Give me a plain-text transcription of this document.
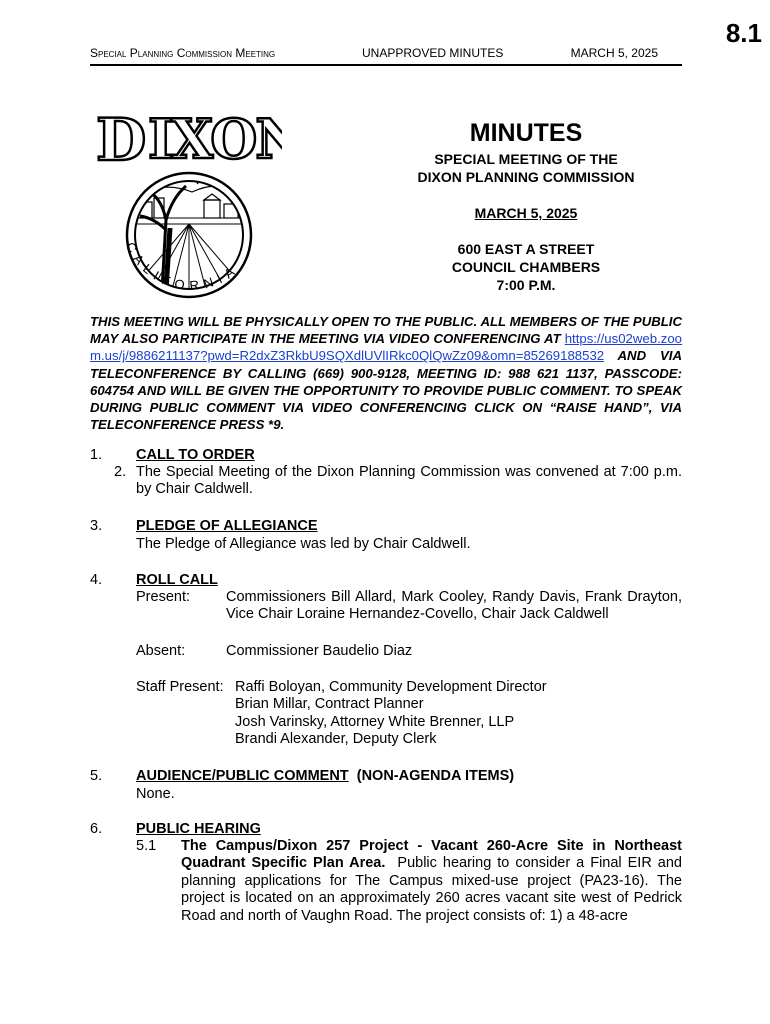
8.1
Special Planning Commission Meeting	UNAPPROVED MINUTES	MARCH 5, 2025
D IXON
CALIFORNIA
MINUTES
SPECIAL MEETING OF THE
DIXON PLANNING COMMISSION
MARCH 5, 2025
600 EAST A STREET
COUNCIL CHAMBERS
7:00 P.M.
THIS MEETING WILL BE PHYSICALLY OPEN TO THE PUBLIC. ALL MEMBERS OF THE PUBLIC MAY ALSO PARTICIPATE IN THE MEETING VIA VIDEO CONFERENCING AT https://us02web.zoom.us/j/9886211137?pwd=R2dxZ3RkbU9SQXdlUVlIRkc0QlQwZz09&omn=85269188532 AND VIA TELECONFERENCE BY CALLING (669) 900-9128, MEETING ID: 988 621 1137, PASSCODE: 604754 AND WILL BE GIVEN THE OPPORTUNITY TO PROVIDE PUBLIC COMMENT. TO SPEAK DURING PUBLIC COMMENT VIA VIDEO CONFERENCING CLICK ON “RAISE HAND”, VIA TELECONFERENCE PRESS *9.
1. CALL TO ORDER
2. The Special Meeting of the Dixon Planning Commission was convened at 7:00 p.m. by Chair Caldwell.
3. PLEDGE OF ALLEGIANCE
The Pledge of Allegiance was led by Chair Caldwell.
4. ROLL CALL
Present: Commissioners Bill Allard, Mark Cooley, Randy Davis, Frank Drayton, Vice Chair Loraine Hernandez-Covello, Chair Jack Caldwell
Absent:	Commissioner Baudelio Diaz
Staff Present: Raffi Boloyan, Community Development Director
Brian Millar, Contract Planner
Josh Varinsky, Attorney White Brenner, LLP
Brandi Alexander, Deputy Clerk
5. AUDIENCE/PUBLIC COMMENT (NON-AGENDA ITEMS)
None.
6. PUBLIC HEARING
5.1 The Campus/Dixon 257 Project - Vacant 260-Acre Site in Northeast Quadrant Specific Plan Area. Public hearing to consider a Final EIR and planning applications for The Campus mixed-use project (PA23-16). The project is located on an approximately 260 acres vacant site west of Pedrick Road and north of Vaughn Road. The project consists of: 1) a 48-acre
